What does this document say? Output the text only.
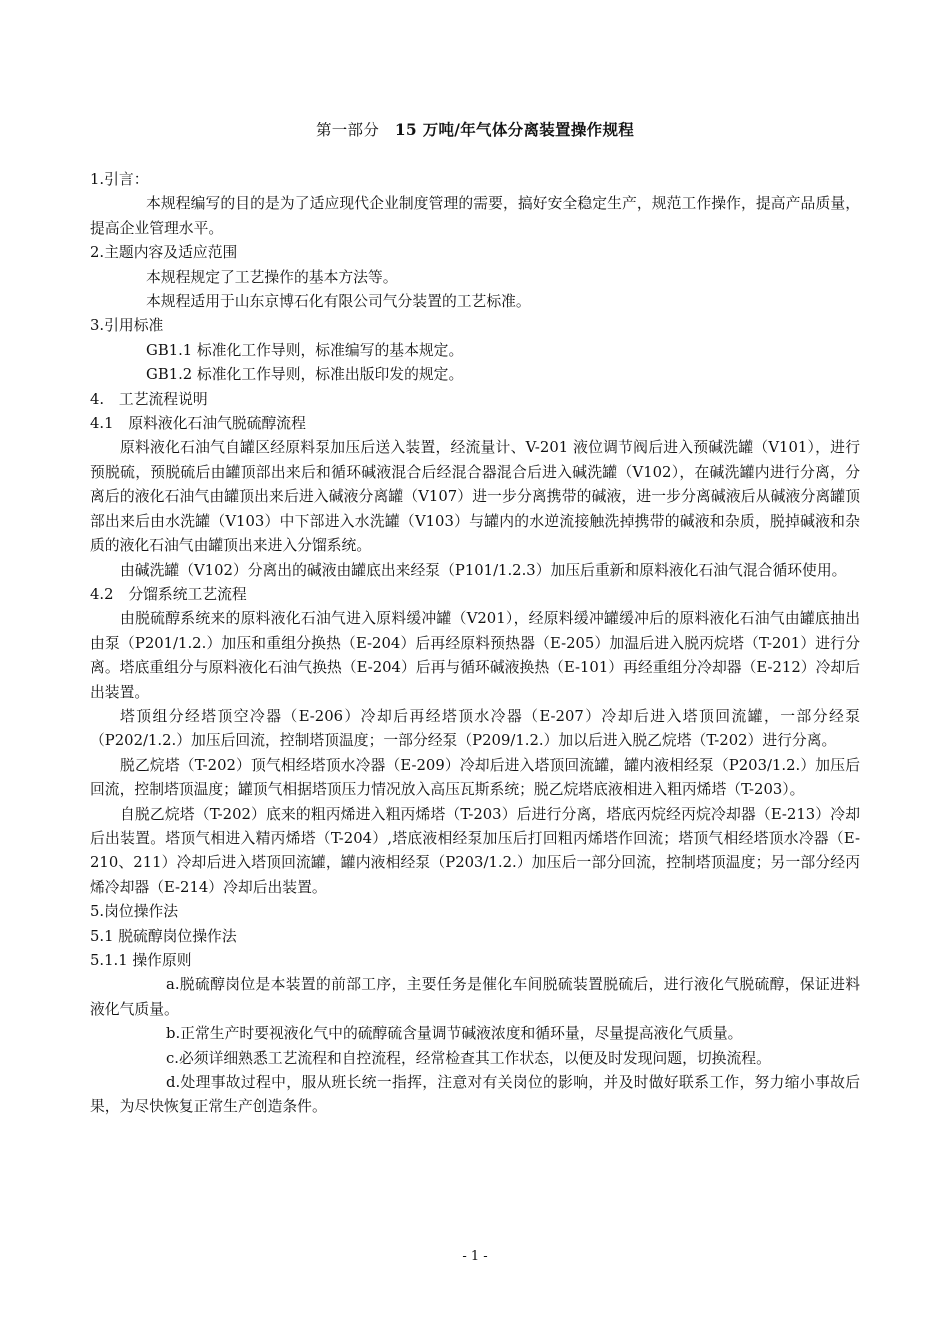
第一部分 15 万吨/年气体分离装置操作规程

1.引言：

本规程编写的目的是为了适应现代企业制度管理的需要，搞好安全稳定生产，规范工作操作，提高产品质量，提高企业管理水平。

2.主题内容及适应范围

本规程规定了工艺操作的基本方法等。

本规程适用于山东京博石化有限公司气分装置的工艺标准。

3.引用标准

GB1.1 标准化工作导则，标准编写的基本规定。

GB1.2 标准化工作导则，标准出版印发的规定。

4.　工艺流程说明

4.1　原料液化石油气脱硫醇流程

原料液化石油气自罐区经原料泵加压后送入装置，经流量计、V-201 液位调节阀后进入预碱洗罐（V101），进行预脱硫，预脱硫后由罐顶部出来后和循环碱液混合后经混合器混合后进入碱洗罐（V102），在碱洗罐内进行分离，分离后的液化石油气由罐顶出来后进入碱液分离罐（V107）进一步分离携带的碱液，进一步分离碱液后从碱液分离罐顶部出来后由水洗罐（V103）中下部进入水洗罐（V103）与罐内的水逆流接触洗掉携带的碱液和杂质，脱掉碱液和杂质的液化石油气由罐顶出来进入分馏系统。

由碱洗罐（V102）分离出的碱液由罐底出来经泵（P101/1.2.3）加压后重新和原料液化石油气混合循环使用。

4.2　分馏系统工艺流程

由脱硫醇系统来的原料液化石油气进入原料缓冲罐（V201），经原料缓冲罐缓冲后的原料液化石油气由罐底抽出由泵（P201/1.2.）加压和重组分换热（E-204）后再经原料预热器（E-205）加温后进入脱丙烷塔（T-201）进行分离。塔底重组分与原料液化石油气换热（E-204）后再与循环碱液换热（E-101）再经重组分冷却器（E-212）冷却后出装置。

塔顶组分经塔顶空冷器（E-206）冷却后再经塔顶水冷器（E-207）冷却后进入塔顶回流罐，一部分经泵（P202/1.2.）加压后回流，控制塔顶温度；一部分经泵（P209/1.2.）加以后进入脱乙烷塔（T-202）进行分离。

脱乙烷塔（T-202）顶气相经塔顶水冷器（E-209）冷却后进入塔顶回流罐，罐内液相经泵（P203/1.2.）加压后回流，控制塔顶温度；罐顶气相据塔顶压力情况放入高压瓦斯系统；脱乙烷塔底液相进入粗丙烯塔（T-203）。

自脱乙烷塔（T-202）底来的粗丙烯进入粗丙烯塔（T-203）后进行分离，塔底丙烷经丙烷冷却器（E-213）冷却后出装置。塔顶气相进入精丙烯塔（T-204）,塔底液相经泵加压后打回粗丙烯塔作回流；塔顶气相经塔顶水冷器（E-210、211）冷却后进入塔顶回流罐，罐内液相经泵（P203/1.2.）加压后一部分回流，控制塔顶温度；另一部分经丙烯冷却器（E-214）冷却后出装置。

5.岗位操作法

5.1 脱硫醇岗位操作法

5.1.1 操作原则

a.脱硫醇岗位是本装置的前部工序，主要任务是催化车间脱硫装置脱硫后，进行液化气脱硫醇，保证进料液化气质量。

b.正常生产时要视液化气中的硫醇硫含量调节碱液浓度和循环量，尽量提高液化气质量。

c.必须详细熟悉工艺流程和自控流程，经常检查其工作状态，以便及时发现问题，切换流程。

d.处理事故过程中，服从班长统一指挥，注意对有关岗位的影响，并及时做好联系工作，努力缩小事故后果，为尽快恢复正常生产创造条件。

- 1 -
